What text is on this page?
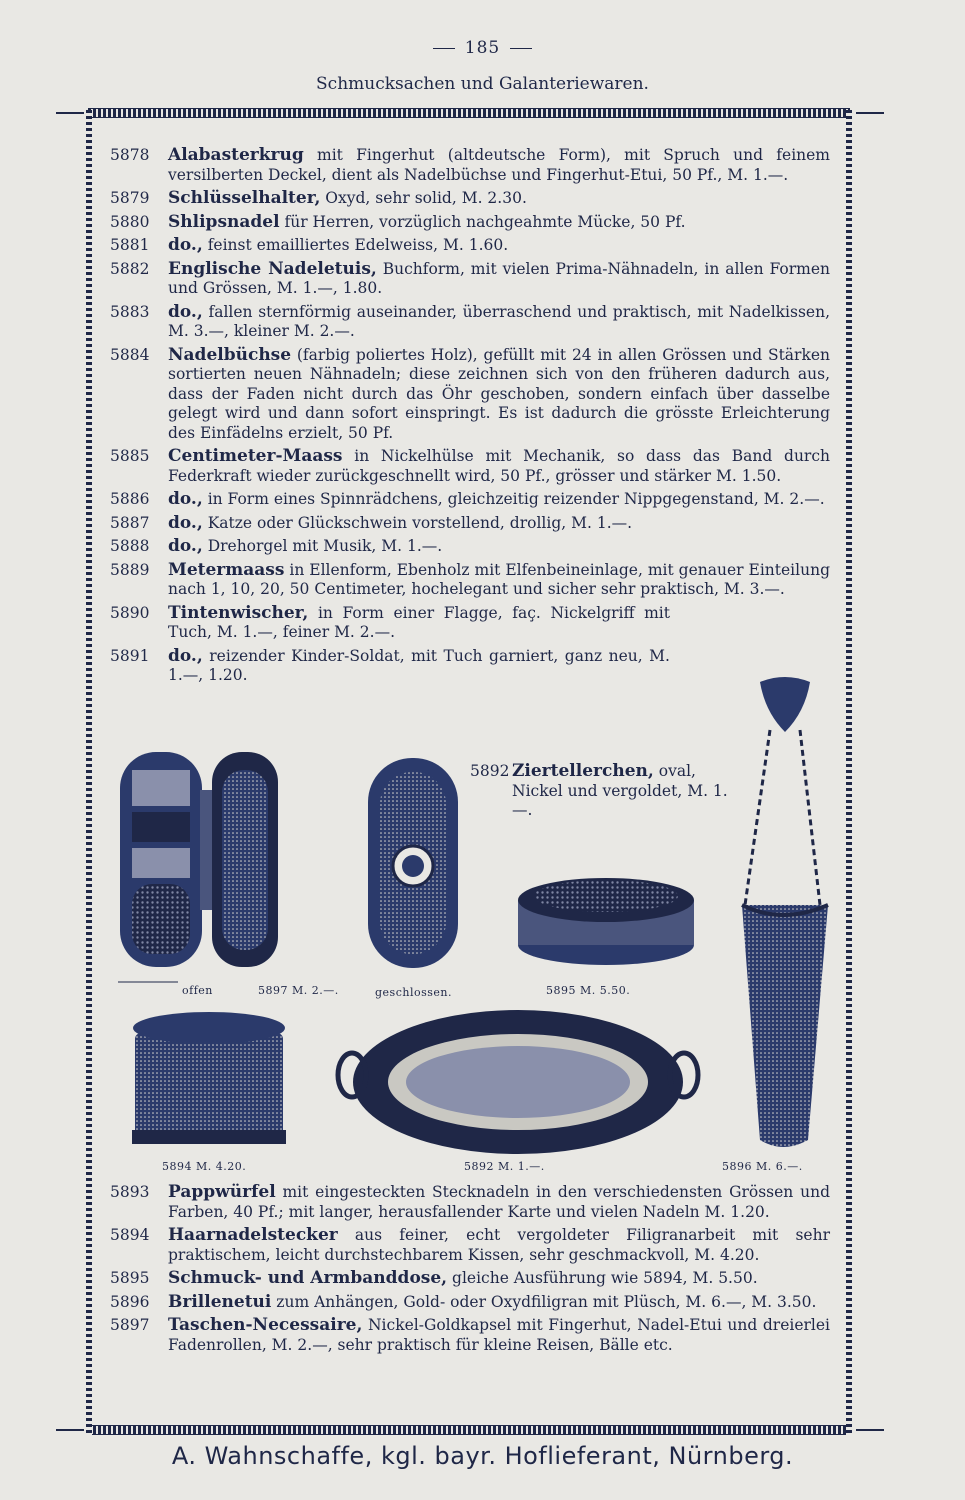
185
Schmucksachen und Galanteriewaren.
5878	Alabasterkrug mit Fingerhut (altdeutsche Form), mit Spruch und feinem versilberten Deckel, dient als Nadelbüchse und Fingerhut-Etui, 50 Pf., M. 1.—.
5879	Schlüsselhalter, Oxyd, sehr solid, M. 2.30.
5880	Shlipsnadel für Herren, vorzüglich nachgeahmte Mücke, 50 Pf.
5881	do., feinst emailliertes Edelweiss, M. 1.60.
5882	Englische Nadeletuis, Buchform, mit vielen Prima-Nähnadeln, in allen Formen und Grössen, M. 1.—, 1.80.
5883	do., fallen sternförmig auseinander, überraschend und praktisch, mit Nadelkissen, M. 3.—, kleiner M. 2.—.
5884	Nadelbüchse (farbig poliertes Holz), gefüllt mit 24 in allen Grössen und Stärken sortierten neuen Nähnadeln; diese zeichnen sich von den früheren dadurch aus, dass der Faden nicht durch das Öhr geschoben, sondern einfach über dasselbe gelegt wird und dann sofort einspringt. Es ist dadurch die grösste Erleichterung des Einfädelns erzielt, 50 Pf.
5885	Centimeter-Maass in Nickelhülse mit Mechanik, so dass das Band durch Federkraft wieder zurückgeschnellt wird, 50 Pf., grösser und stärker M. 1.50.
5886	do., in Form eines Spinnrädchens, gleichzeitig reizender Nippgegenstand, M. 2.—.
5887	do., Katze oder Glückschwein vorstellend, drollig, M. 1.—.
5888	do., Drehorgel mit Musik, M. 1.—.
5889	Metermaass in Ellenform, Ebenholz mit Elfenbeineinlage, mit genauer Einteilung nach 1, 10, 20, 50 Centimeter, hochelegant und sicher sehr praktisch, M. 3.—.
5890	Tintenwischer, in Form einer Flagge, faç. Nickelgriff mit Tuch, M. 1.—, feiner M. 2.—.
5891	do., reizender Kinder-Soldat, mit Tuch garniert, ganz neu, M. 1.—, 1.20.
5892 Ziertellerchen, oval, Nickel und vergoldet, M. 1.—.
offen	5897 M. 2.—.	geschlossen.	5895 M. 5.50.
5894 M. 4.20.	5892 M. 1.—.	5896 M. 6.—.
5893	Pappwürfel mit eingesteckten Stecknadeln in den verschiedensten Grössen und Farben, 40 Pf.; mit langer, herausfallender Karte und vielen Nadeln M. 1.20.
5894	Haarnadelstecker aus feiner, echt vergoldeter Filigranarbeit mit sehr praktischem, leicht durchstechbarem Kissen, sehr geschmackvoll, M. 4.20.
5895	Schmuck- und Armbanddose, gleiche Ausführung wie 5894, M. 5.50.
5896	Brillenetui zum Anhängen, Gold- oder Oxydfiligran mit Plüsch, M. 6.—, M. 3.50.
5897	Taschen-Necessaire, Nickel-Goldkapsel mit Fingerhut, Nadel-Etui und dreierlei Fadenrollen, M. 2.—, sehr praktisch für kleine Reisen, Bälle etc.
A. Wahnschaffe, kgl. bayr. Hoflieferant, Nürnberg.
